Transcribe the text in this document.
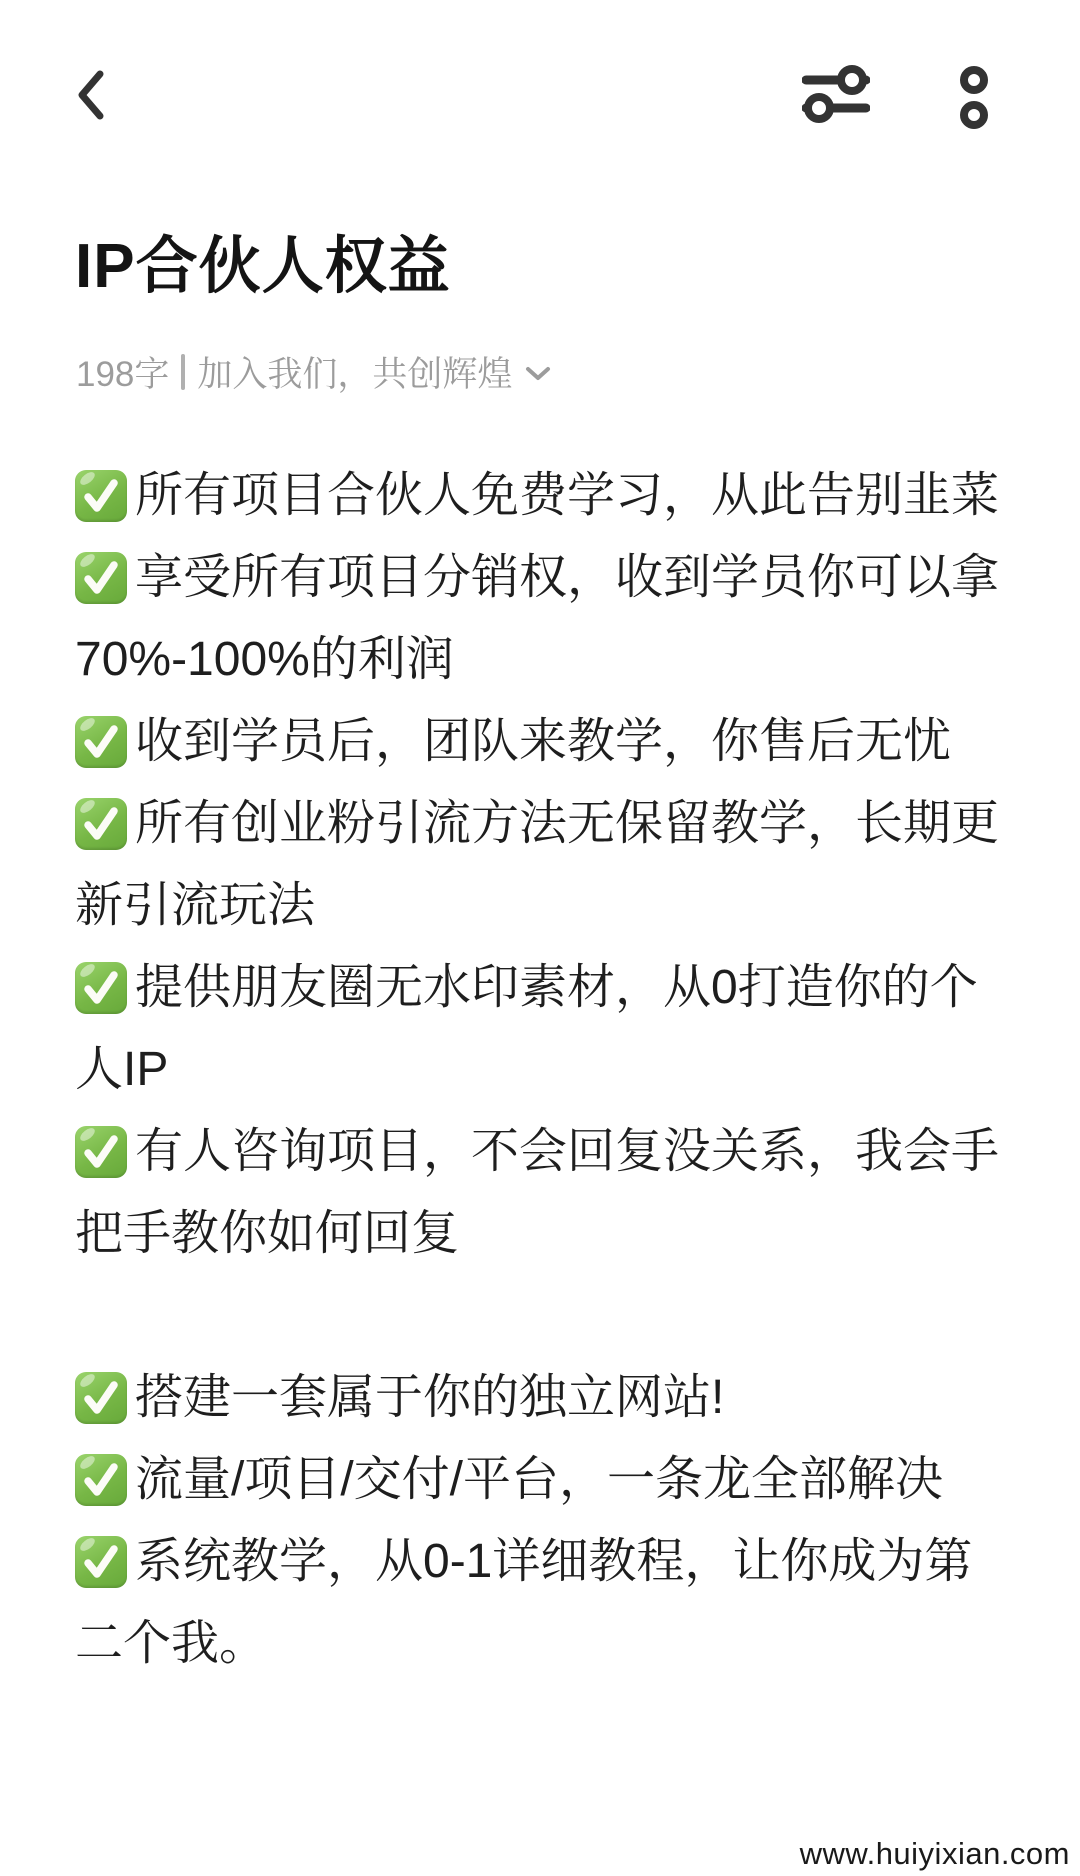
IP合伙人权益
198字 加入我们，共创辉煌
所有项目合伙人免费学习，从此告别韭菜
享受所有项目分销权，收到学员你可以拿
70%-100%的利润
收到学员后，团队来教学，你售后无忧
所有创业粉引流方法无保留教学，长期更
新引流玩法
提供朋友圈无水印素材，从0打造你的个
人IP
有人咨询项目，不会回复没关系，我会手
把手教你如何回复
搭建一套属于你的独立网站!
流量/项目/交付/平台，一条龙全部解决
系统教学，从0-1详细教程，让你成为第
二个我。
www.huiyixian.com
